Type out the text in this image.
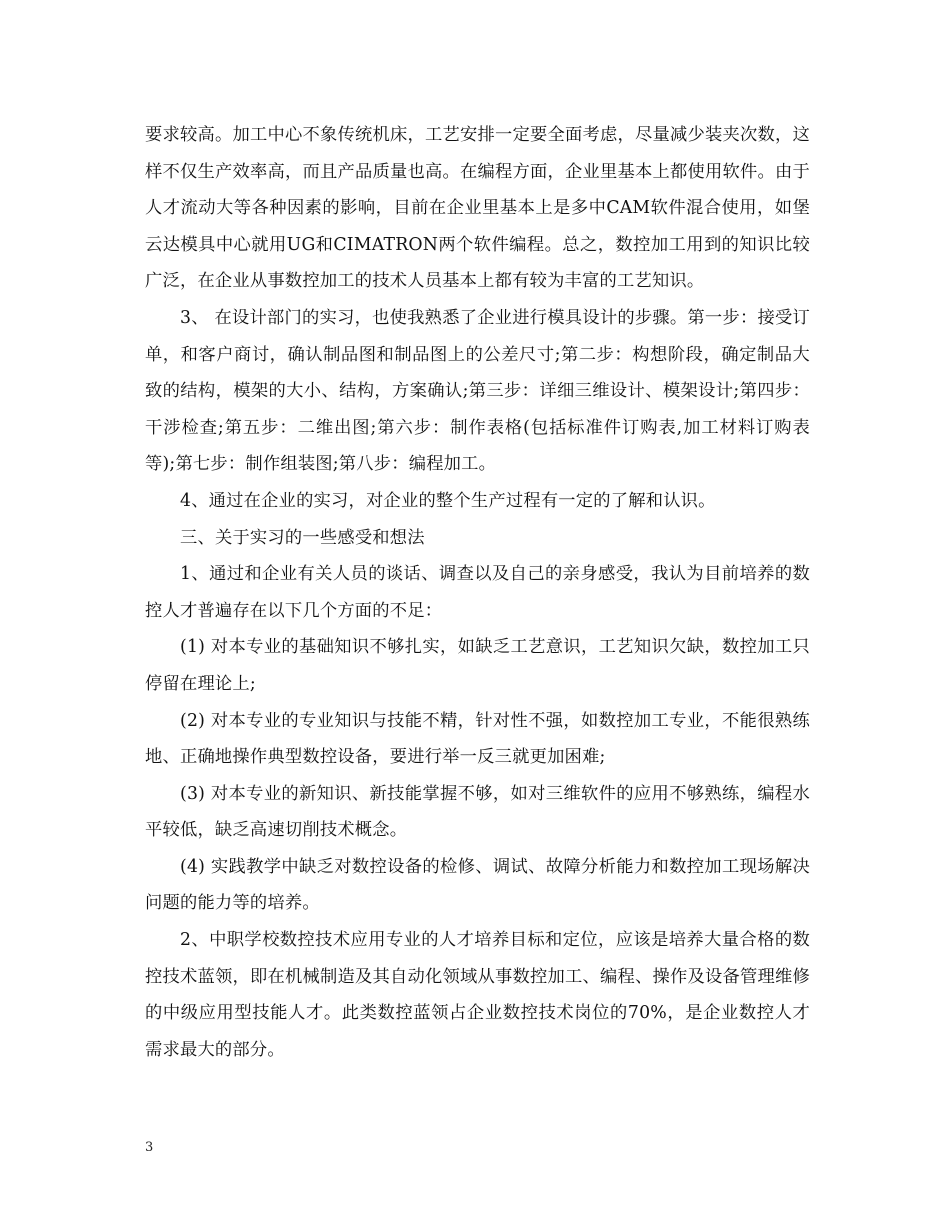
要求较高。加工中心不象传统机床，工艺安排一定要全面考虑，尽量减少装夹次数，这样不仅生产效率高，而且产品质量也高。在编程方面，企业里基本上都使用软件。由于人才流动大等各种因素的影响，目前在企业里基本上是多中CAM软件混合使用，如堡云达模具中心就用UG和CIMATRON两个软件编程。总之，数控加工用到的知识比较广泛，在企业从事数控加工的技术人员基本上都有较为丰富的工艺知识。

3、 在设计部门的实习，也使我熟悉了企业进行模具设计的步骤。第一步：接受订单，和客户商讨，确认制品图和制品图上的公差尺寸;第二步：构想阶段，确定制品大致的结构，模架的大小、结构，方案确认;第三步：详细三维设计、模架设计;第四步：干涉检查;第五步：二维出图;第六步：制作表格(包括标准件订购表,加工材料订购表等);第七步：制作组装图;第八步：编程加工。

4、通过在企业的实习，对企业的整个生产过程有一定的了解和认识。

三、关于实习的一些感受和想法

1、通过和企业有关人员的谈话、调查以及自己的亲身感受，我认为目前培养的数控人才普遍存在以下几个方面的不足：

(1) 对本专业的基础知识不够扎实，如缺乏工艺意识，工艺知识欠缺，数控加工只停留在理论上;

(2) 对本专业的专业知识与技能不精，针对性不强，如数控加工专业，不能很熟练地、正确地操作典型数控设备，要进行举一反三就更加困难;

(3) 对本专业的新知识、新技能掌握不够，如对三维软件的应用不够熟练，编程水平较低，缺乏高速切削技术概念。

(4) 实践教学中缺乏对数控设备的检修、调试、故障分析能力和数控加工现场解决问题的能力等的培养。

2、中职学校数控技术应用专业的人才培养目标和定位，应该是培养大量合格的数控技术蓝领，即在机械制造及其自动化领域从事数控加工、编程、操作及设备管理维修的中级应用型技能人才。此类数控蓝领占企业数控技术岗位的70%，是企业数控人才需求最大的部分。

3
